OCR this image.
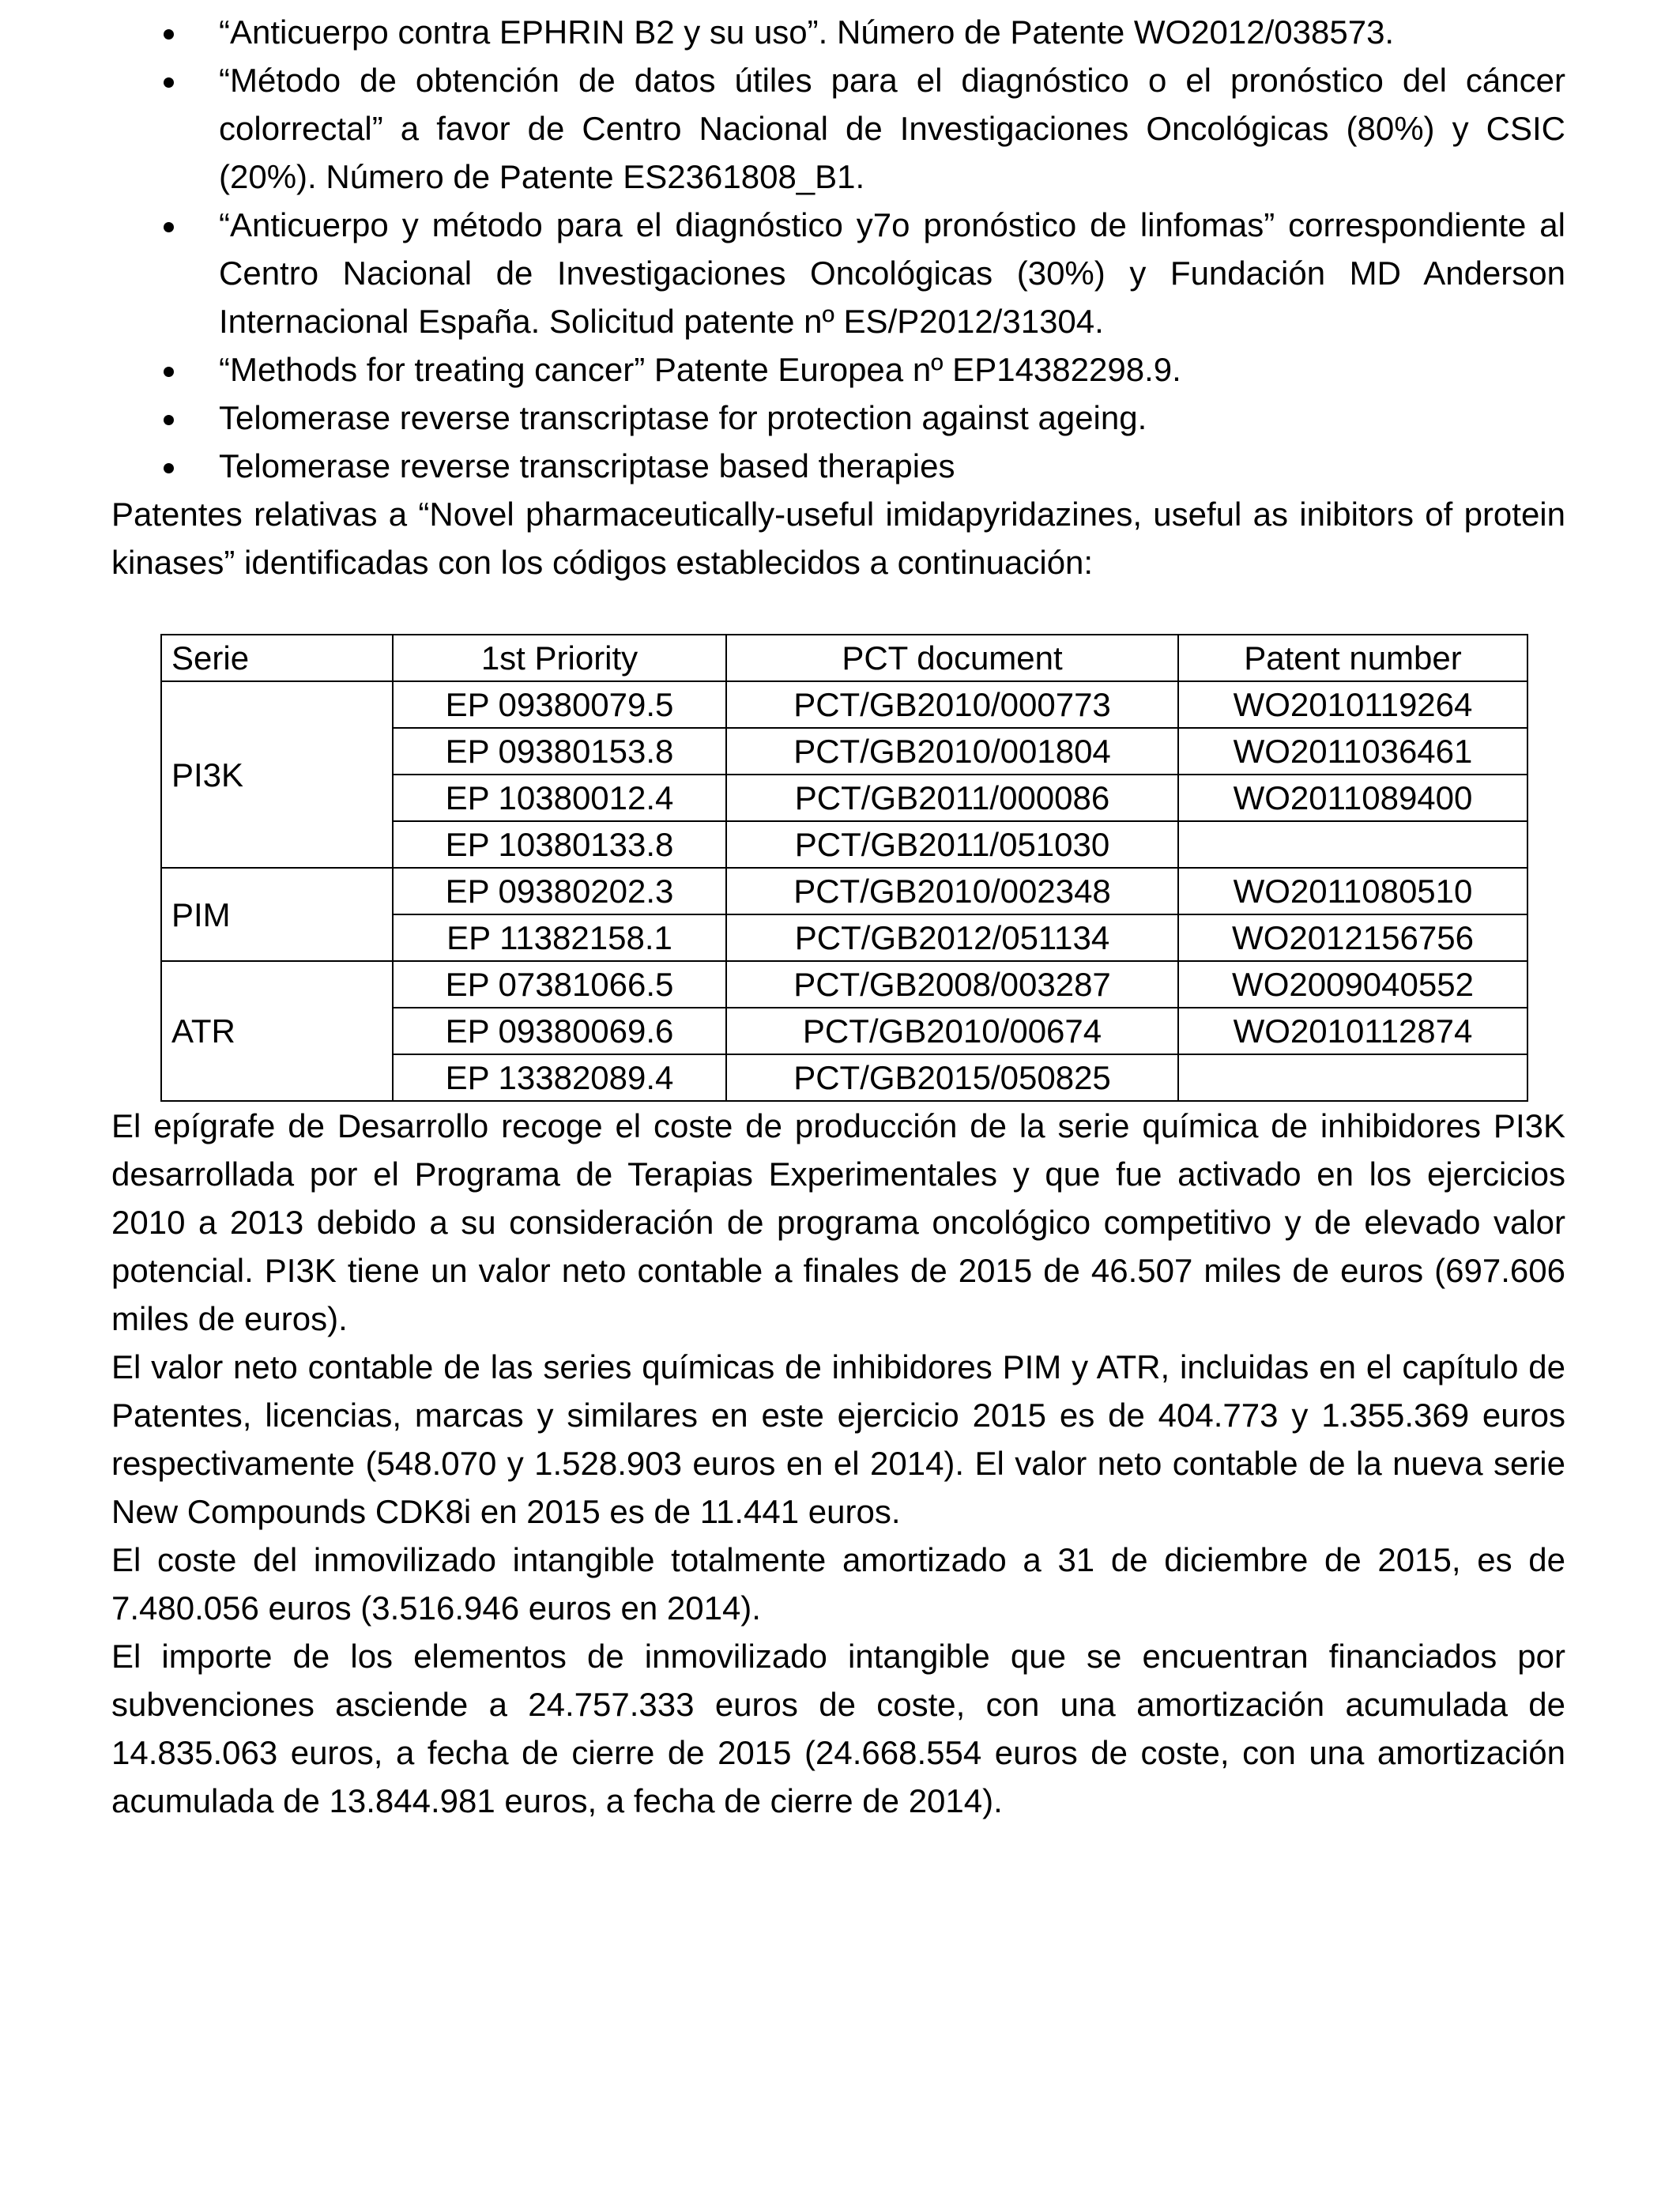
“Anticuerpo contra EPHRIN B2 y su uso”. Número de Patente WO2012/038573.
“Método de obtención de datos útiles para el diagnóstico o el pronóstico del cáncer colorrectal” a favor de Centro Nacional de Investigaciones Oncológicas (80%) y CSIC (20%). Número de Patente ES2361808_B1.
“Anticuerpo y método para el diagnóstico y7o pronóstico de linfomas” correspondiente al Centro Nacional de Investigaciones Oncológicas (30%) y Fundación MD Anderson Internacional España. Solicitud patente nº ES/P2012/31304.
“Methods for treating cancer” Patente Europea nº EP14382298.9.
Telomerase reverse transcriptase for protection against ageing.
Telomerase reverse transcriptase based therapies

Patentes relativas a “Novel pharmaceutically-useful imidapyridazines, useful as inibitors of protein kinases” identificadas con los códigos establecidos a continuación:

Serie	1st Priority	PCT document	Patent number
PI3K	EP 09380079.5	PCT/GB2010/000773	WO2010119264
	EP 09380153.8	PCT/GB2010/001804	WO2011036461
	EP 10380012.4	PCT/GB2011/000086	WO2011089400
	EP 10380133.8	PCT/GB2011/051030	
PIM	EP 09380202.3	PCT/GB2010/002348	WO2011080510
	EP 11382158.1	PCT/GB2012/051134	WO2012156756
ATR	EP 07381066.5	PCT/GB2008/003287	WO2009040552
	EP 09380069.6	PCT/GB2010/00674	WO2010112874
	EP 13382089.4	PCT/GB2015/050825	

El epígrafe de Desarrollo recoge el coste de producción de la serie química de inhibidores PI3K desarrollada por el Programa de Terapias Experimentales y que fue activado en los ejercicios 2010 a 2013 debido a su consideración de programa oncológico competitivo y de elevado valor potencial. PI3K tiene un valor neto contable a finales de 2015 de 46.507 miles de euros (697.606 miles de euros).

El valor neto contable de las series químicas de inhibidores PIM y ATR, incluidas en el capítulo de Patentes, licencias, marcas y similares en este ejercicio 2015 es de 404.773 y 1.355.369 euros respectivamente (548.070 y 1.528.903 euros en el 2014). El valor neto contable de la nueva serie New Compounds CDK8i en 2015 es de 11.441 euros.

El coste del inmovilizado intangible totalmente amortizado a 31 de diciembre de 2015, es de 7.480.056 euros (3.516.946 euros en 2014).

El importe de los elementos de inmovilizado intangible que se encuentran financiados por subvenciones asciende a 24.757.333 euros de coste, con una amortización acumulada de 14.835.063 euros, a fecha de cierre de 2015 (24.668.554 euros de coste, con una amortización acumulada de 13.844.981 euros, a fecha de cierre de 2014).
